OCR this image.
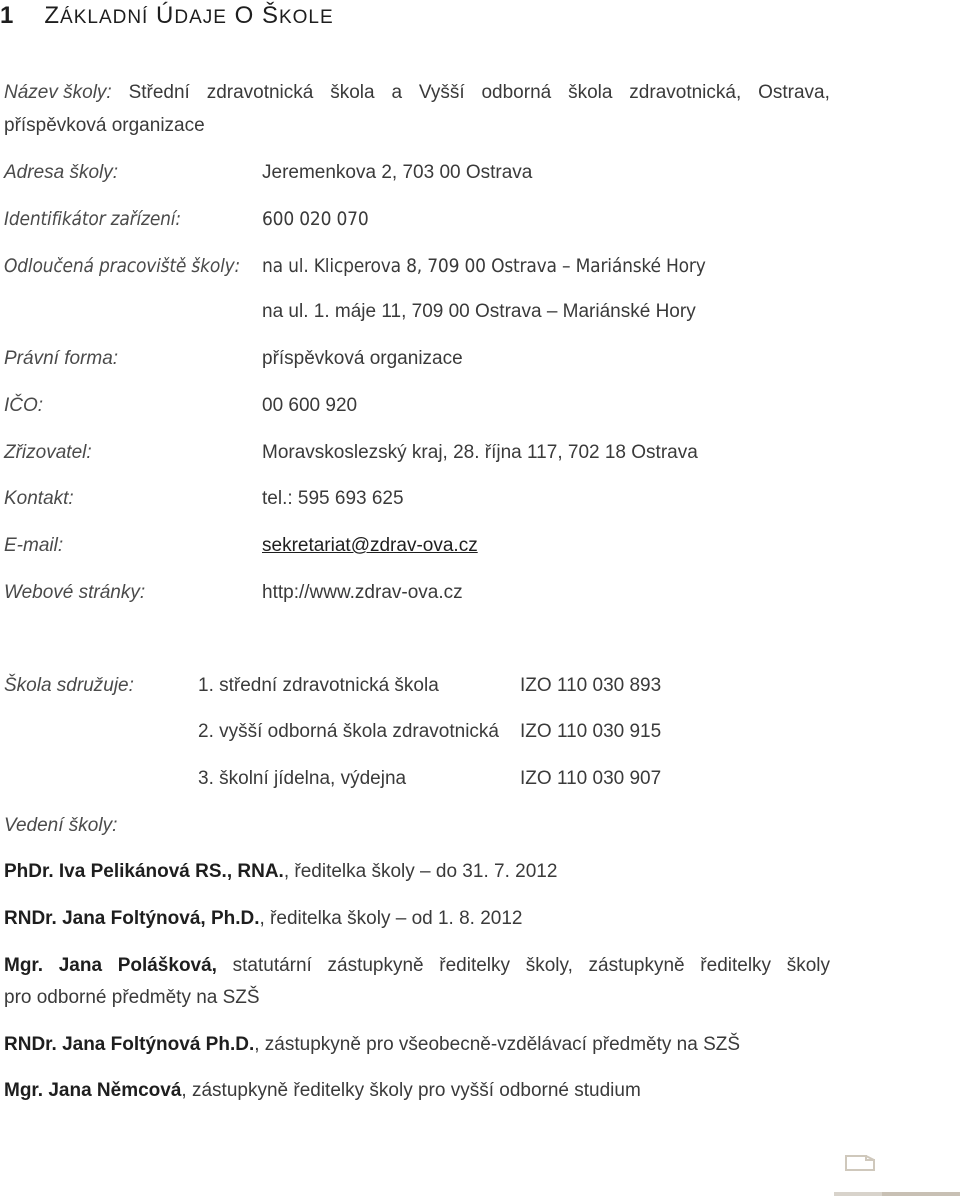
1 ZÁKLADNÍ ÚDAJE O ŠKOLE
Název školy: Střední zdravotnická škola a Vyšší odborná škola zdravotnická, Ostrava,
příspěvková organizace
Adresa školy:	Jeremenkova 2, 703 00 Ostrava
Identifikátor zařízení:	600 020 070
Odloučená pracoviště školy: na ul. Klicperova 8, 709 00 Ostrava – Mariánské Hory
na ul. 1. máje 11, 709 00 Ostrava – Mariánské Hory
Právní forma:	příspěvková organizace
IČO:	00 600 920
Zřizovatel:	Moravskoslezský kraj, 28. října 117, 702 18 Ostrava
Kontakt:	tel.: 595 693 625
E-mail:	sekretariat@zdrav-ova.cz
Webové stránky:	http://www.zdrav-ova.cz
Škola sdružuje:	1. střední zdravotnická škola	IZO 110 030 893
2. vyšší odborná škola zdravotnická IZO 110 030 915
3. školní jídelna, výdejna	IZO 110 030 907
Vedení školy:
PhDr. Iva Pelikánová RS., RNA., ředitelka školy – do 31. 7. 2012
RNDr. Jana Foltýnová, Ph.D., ředitelka školy – od 1. 8. 2012
Mgr. Jana Polášková, statutární zástupkyně ředitelky školy, zástupkyně ředitelky školy
pro odborné předměty na SZŠ
RNDr. Jana Foltýnová Ph.D., zástupkyně pro všeobecně-vzdělávací předměty na SZŠ
Mgr. Jana Němcová, zástupkyně ředitelky školy pro vyšší odborné studium
